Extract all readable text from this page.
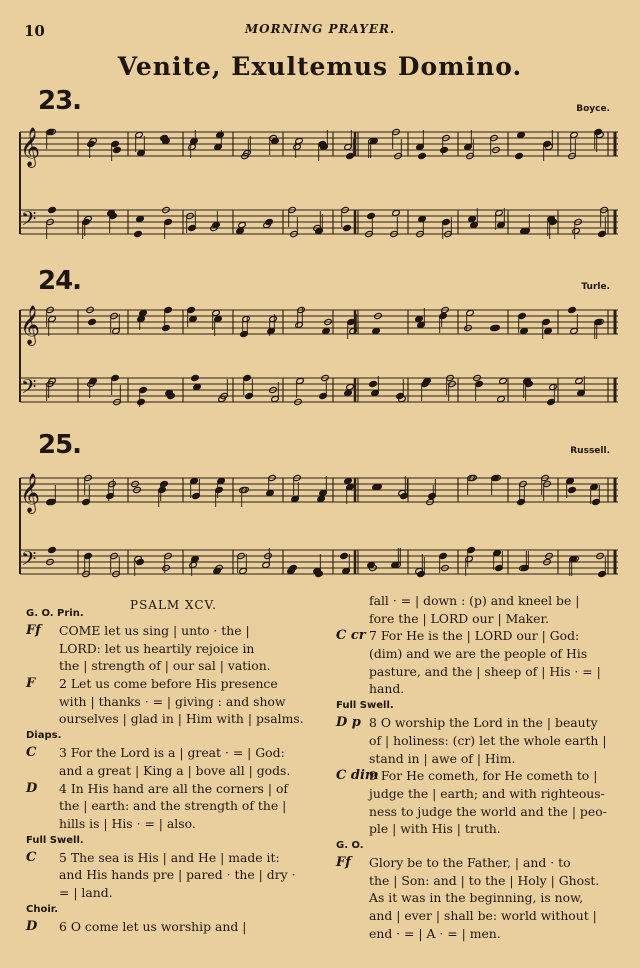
10	MORNING PRAYER.
Venite, Exultemus Domino.
23.	Boyce.
𝄞
𝄢
24.	Turle.
𝄞
𝄢
25.	Russell.
𝄞
𝄢
PSALM XCV.
G. O. Prin.
Ff COME let us sing | unto · the |
LORD: let us heartily rejoice in
the | strength of | our sal | vation.
F 2 Let us come before His presence
with | thanks · = | giving : and show
ourselves | glad in | Him with | psalms.
Diaps.
C 3 For the Lord is a | great · = | God:
and a great | King a | bove all | gods.
D 4 In His hand are all the corners | of
the | earth: and the strength of the |
hills is | His · = | also.
Full Swell.
C 5 The sea is His | and He | made it:
and His hands pre | pared · the | dry ·
= | land.
Choir.
D 6 O come let us worship and |
fall · = | down : (p) and kneel be |
fore the | LORD our | Maker.
C cr 7 For He is the | LORD our | God:
(dim) and we are the people of His
pasture, and the | sheep of | His · = |
hand.
Full Swell.
D p 8 O worship the Lord in the | beauty
of | holiness: (cr) let the whole earth |
stand in | awe of | Him.
C dim
9 For He cometh, for He cometh to |
judge the | earth; and with righteous-
ness to judge the world and the | peo-
ple | with His | truth.
G. O.
Ff Glory be to the Father, | and · to
the | Son: and | to the | Holy | Ghost.
As it was in the beginning, is now,
and | ever | shall be: world without |
end · = | A · = | men.
